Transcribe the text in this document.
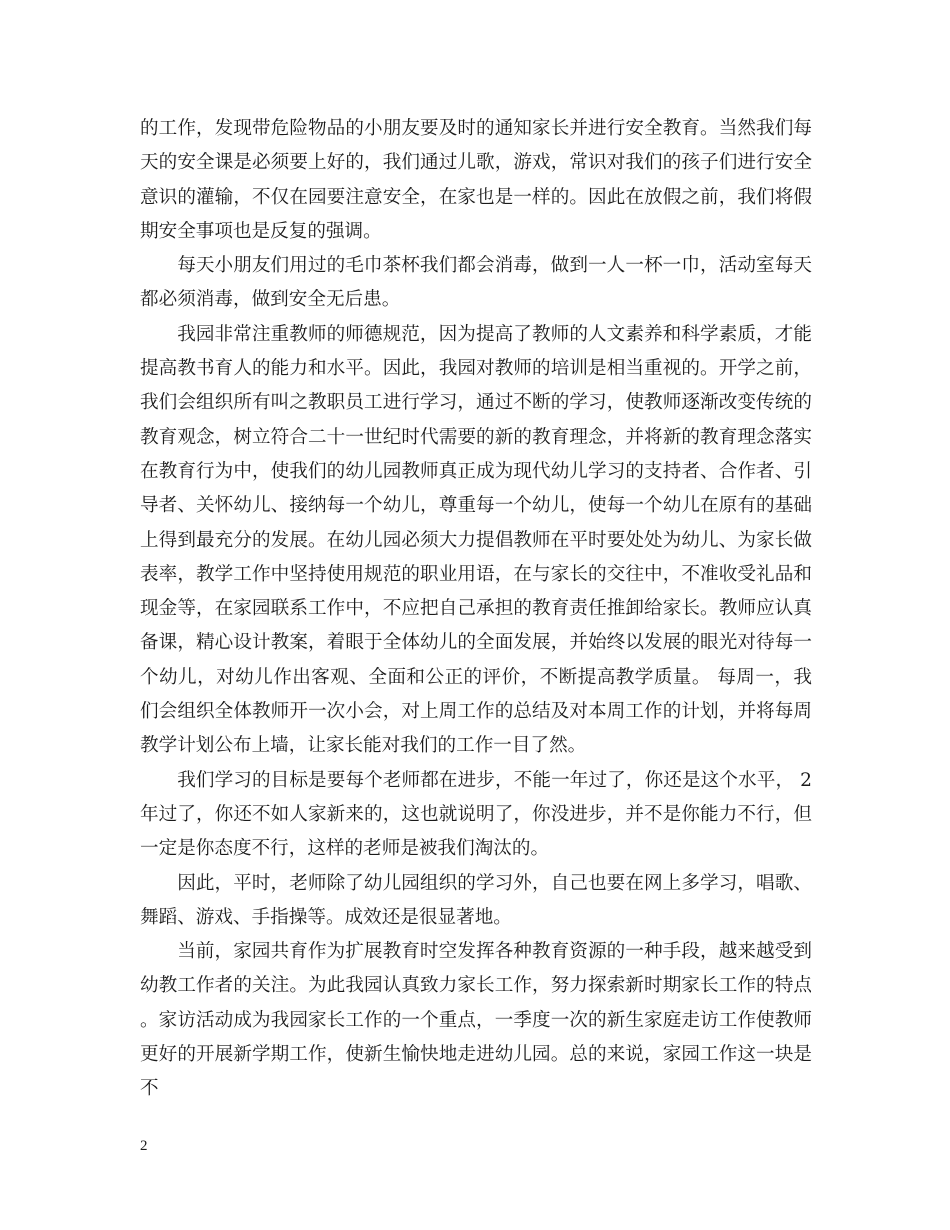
的工作，发现带危险物品的小朋友要及时的通知家长并进行安全教育。当然我们每天的安全课是必须要上好的，我们通过儿歌，游戏，常识对我们的孩子们进行安全意识的灌输，不仅在园要注意安全，在家也是一样的。因此在放假之前，我们将假期安全事项也是反复的强调。

每天小朋友们用过的毛巾茶杯我们都会消毒，做到一人一杯一巾，活动室每天都必须消毒，做到安全无后患。

我园非常注重教师的师德规范，因为提高了教师的人文素养和科学素质，才能提高教书育人的能力和水平。因此，我园对教师的培训是相当重视的。开学之前，我们会组织所有叫之教职员工进行学习，通过不断的学习，使教师逐渐改变传统的教育观念，树立符合二十一世纪时代需要的新的教育理念，并将新的教育理念落实在教育行为中，使我们的幼儿园教师真正成为现代幼儿学习的支持者、合作者、引导者、关怀幼儿、接纳每一个幼儿，尊重每一个幼儿，使每一个幼儿在原有的基础上得到最充分的发展。在幼儿园必须大力提倡教师在平时要处处为幼儿、为家长做表率，教学工作中坚持使用规范的职业用语，在与家长的交往中，不准收受礼品和现金等，在家园联系工作中，不应把自己承担的教育责任推卸给家长。教师应认真备课，精心设计教案，着眼于全体幼儿的全面发展，并始终以发展的眼光对待每一个幼儿，对幼儿作出客观、全面和公正的评价，不断提高教学质量。 每周一，我们会组织全体教师开一次小会，对上周工作的总结及对本周工作的计划，并将每周教学计划公布上墙，让家长能对我们的工作一目了然。

我们学习的目标是要每个老师都在进步，不能一年过了，你还是这个水平， 2年过了，你还不如人家新来的，这也就说明了，你没进步，并不是你能力不行，但一定是你态度不行，这样的老师是被我们淘汰的。

因此，平时，老师除了幼儿园组织的学习外，自己也要在网上多学习，唱歌、舞蹈、游戏、手指操等。成效还是很显著地。

当前，家园共育作为扩展教育时空发挥各种教育资源的一种手段，越来越受到幼教工作者的关注。为此我园认真致力家长工作，努力探索新时期家长工作的特点。家访活动成为我园家长工作的一个重点，一季度一次的新生家庭走访工作使教师更好的开展新学期工作，使新生愉快地走进幼儿园。总的来说，家园工作这一块是不

2
